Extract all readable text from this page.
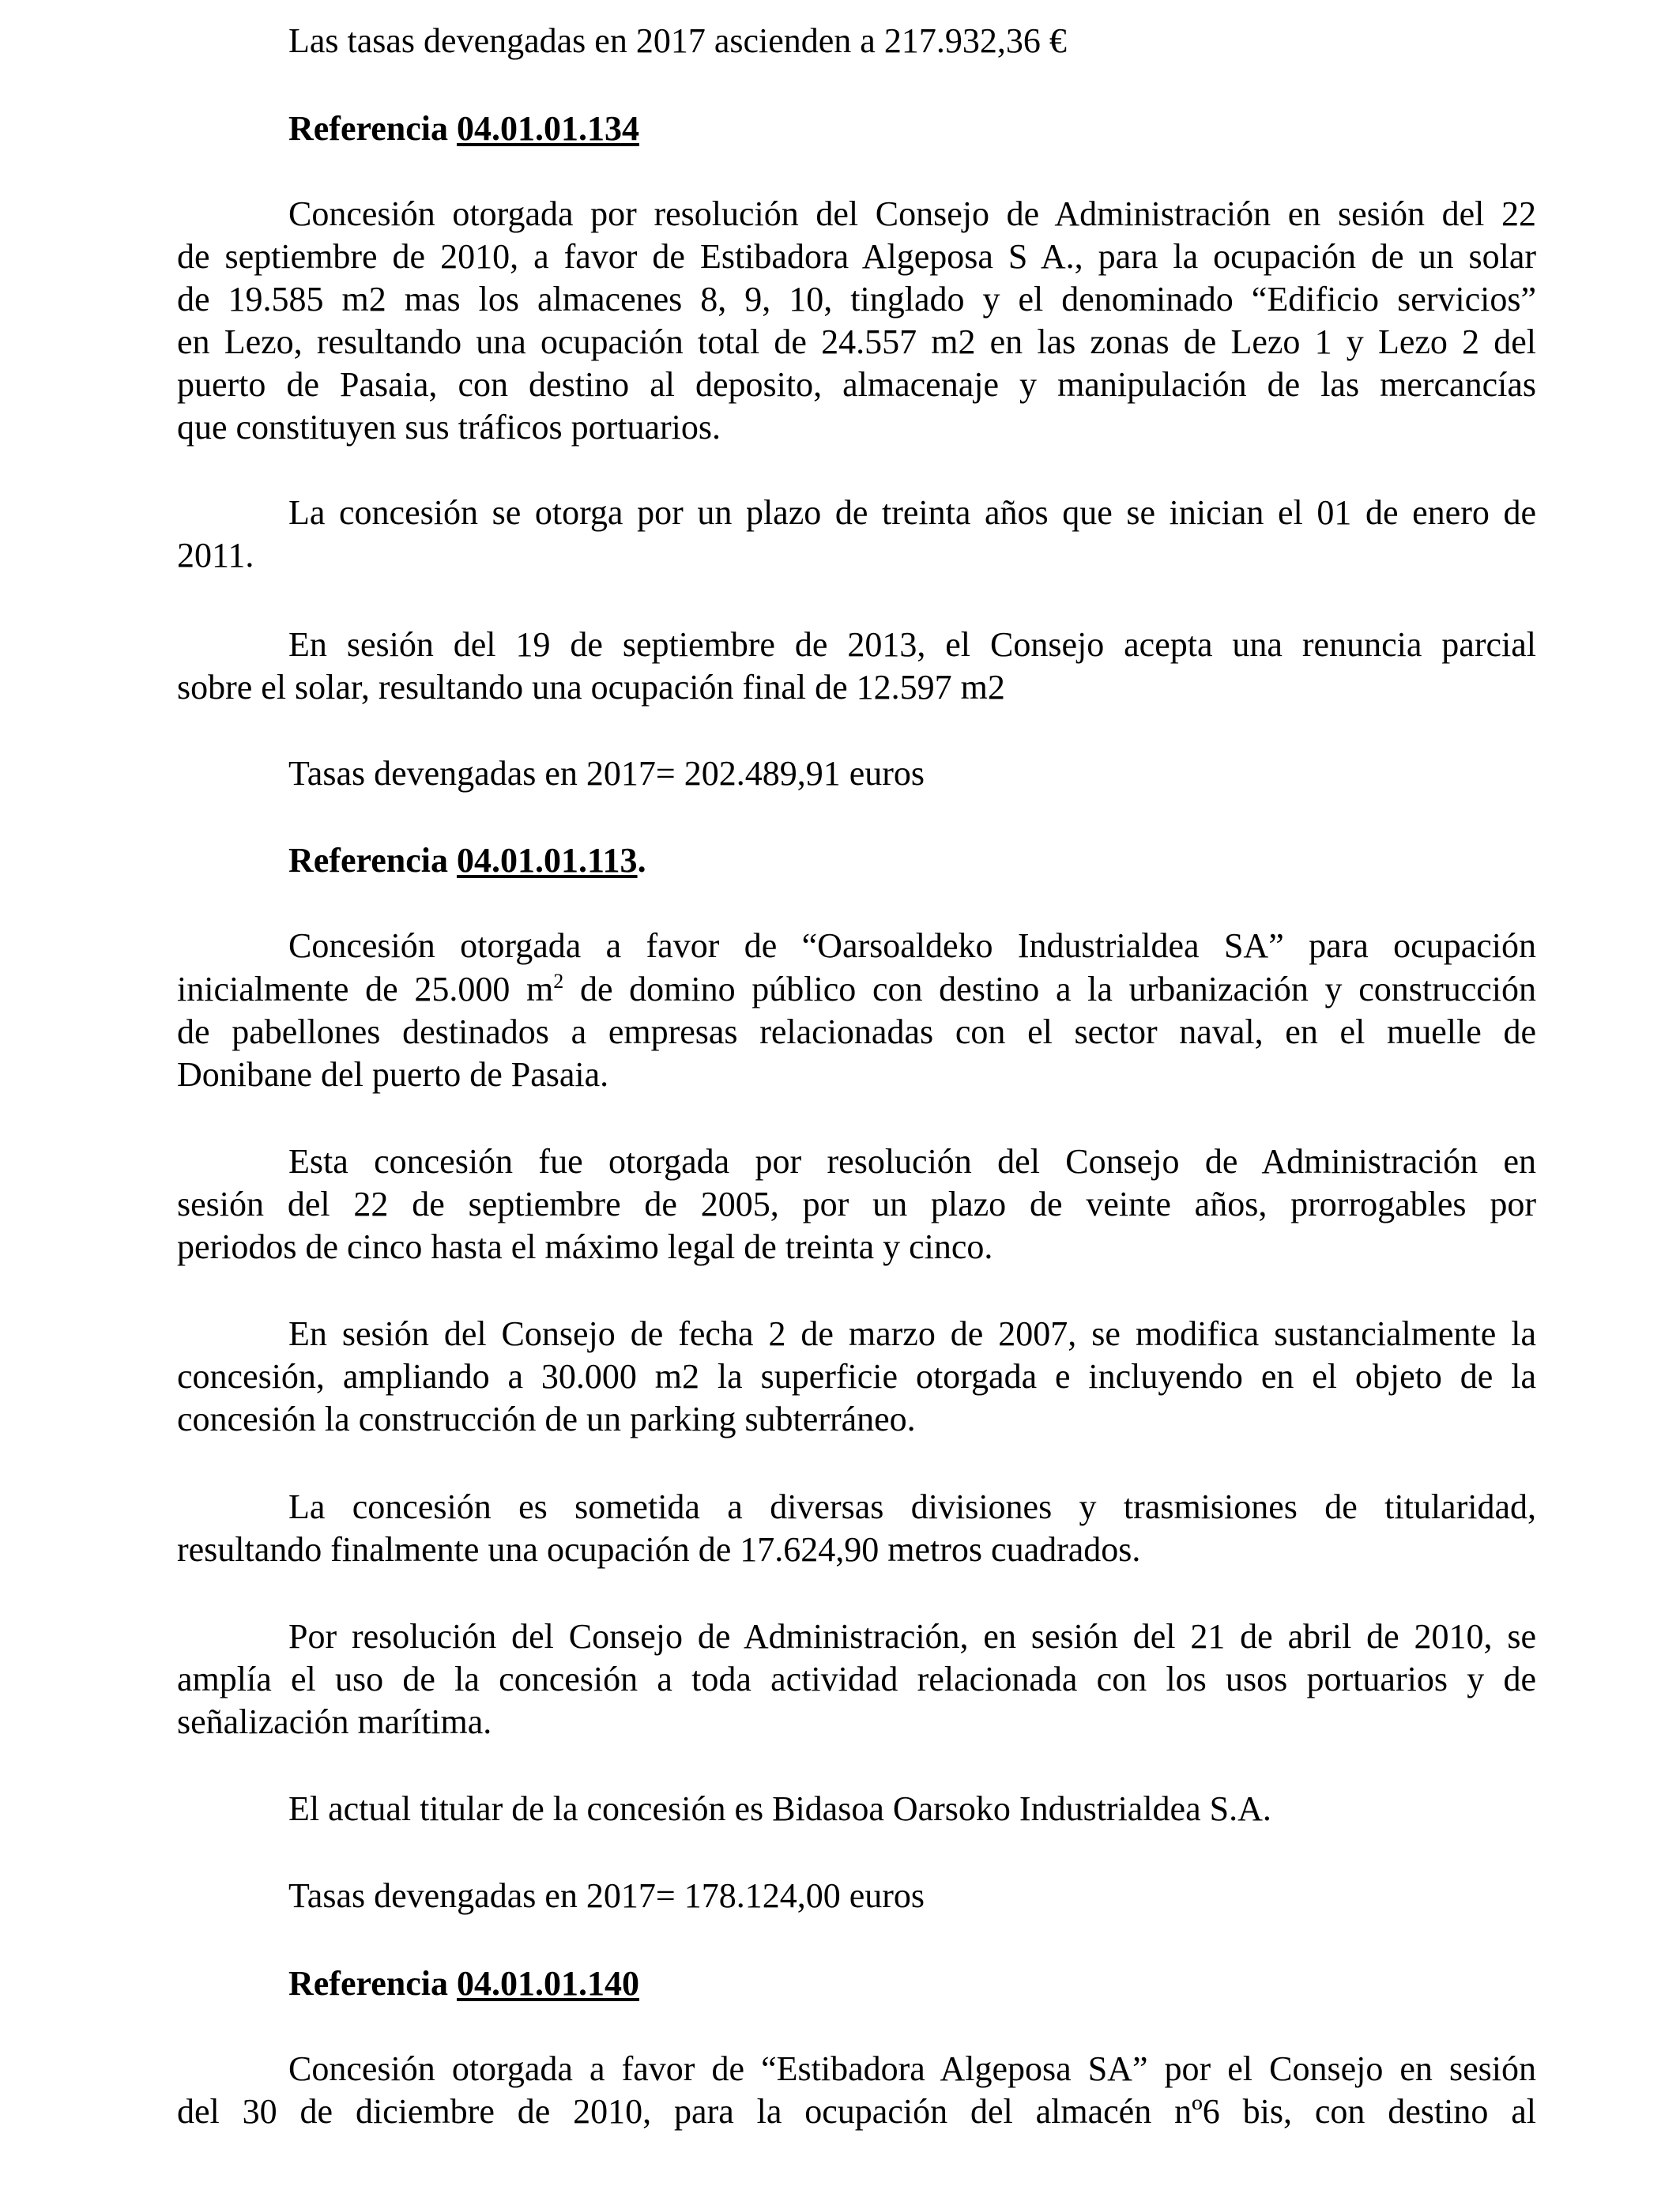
Las tasas devengadas en 2017 ascienden a 217.932,36 €
Referencia 04.01.01.134
Concesión otorgada por resolución del Consejo de Administración en sesión del 22
de septiembre de 2010, a favor de Estibadora Algeposa S A., para la ocupación de un solar
de 19.585 m2 mas los almacenes 8, 9, 10, tinglado y el denominado “Edificio servicios”
en Lezo, resultando una ocupación total de 24.557 m2 en las zonas de Lezo 1 y Lezo 2 del
puerto de Pasaia, con destino al deposito, almacenaje y manipulación de las mercancías
que constituyen sus tráficos portuarios.
La concesión se otorga por un plazo de treinta años que se inician el 01 de enero de
2011.
En sesión del 19 de septiembre de 2013, el Consejo acepta una renuncia parcial
sobre el solar, resultando una ocupación final de 12.597 m2
Tasas devengadas en 2017= 202.489,91 euros
Referencia 04.01.01.113.
Concesión otorgada a favor de “Oarsoaldeko Industrialdea SA” para ocupación
inicialmente de 25.000 $m^2$ de domino público con destino a la urbanización y construcción
de pabellones destinados a empresas relacionadas con el sector naval, en el muelle de
Donibane del puerto de Pasaia.
Esta concesión fue otorgada por resolución del Consejo de Administración en
sesión del 22 de septiembre de 2005, por un plazo de veinte años, prorrogables por
periodos de cinco hasta el máximo legal de treinta y cinco.
En sesión del Consejo de fecha 2 de marzo de 2007, se modifica sustancialmente la
concesión, ampliando a 30.000 m2 la superficie otorgada e incluyendo en el objeto de la
concesión la construcción de un parking subterráneo.
La concesión es sometida a diversas divisiones y trasmisiones de titularidad,
resultando finalmente una ocupación de 17.624,90 metros cuadrados.
Por resolución del Consejo de Administración, en sesión del 21 de abril de 2010, se
amplía el uso de la concesión a toda actividad relacionada con los usos portuarios y de
señalización marítima.
El actual titular de la concesión es Bidasoa Oarsoko Industrialdea S.A.
Tasas devengadas en 2017= 178.124,00 euros
Referencia 04.01.01.140
Concesión otorgada a favor de “Estibadora Algeposa SA” por el Consejo en sesión
del 30 de diciembre de 2010, para la ocupación del almacén nº6 bis, con destino al
